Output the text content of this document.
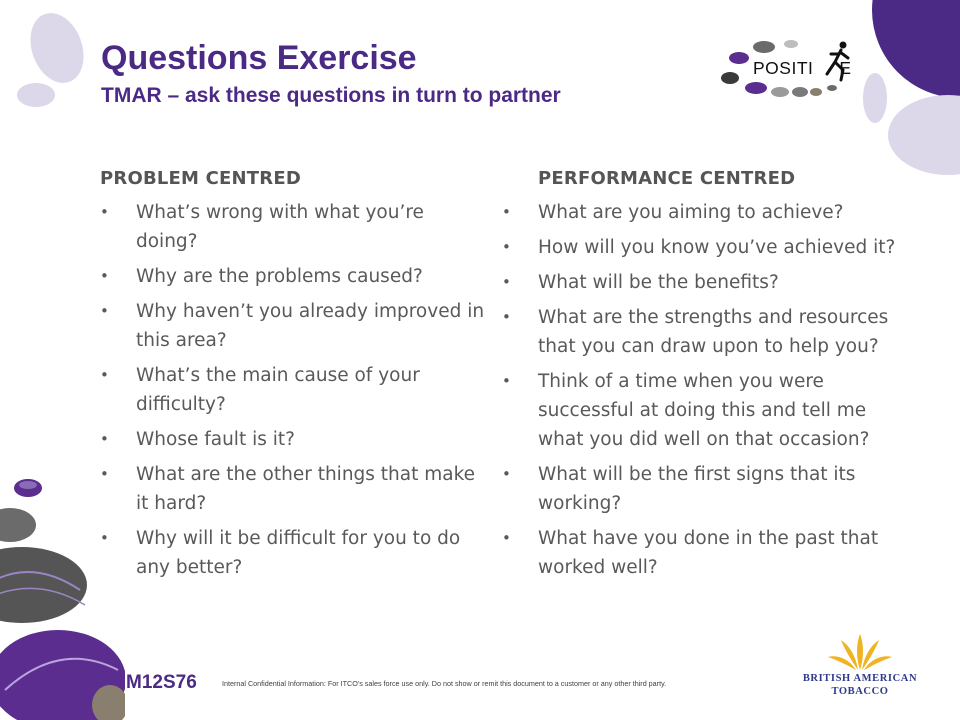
POSITI E
Questions Exercise
TMAR – ask these questions in turn to partner
PROBLEM CENTRED
• What’s wrong with what you’re doing?
• Why are the problems caused?
• Why haven’t you already improved in this area?
• What’s the main cause of your difficulty?
• Whose fault is it?
• What are the other things that make it hard?
• Why will it be difficult for you to do any better?
PERFORMANCE CENTRED
• What are you aiming to achieve?
• How will you know you’ve achieved it?
• What will be the benefits?
• What are the strengths and resources that you can draw upon to help you?
• Think of a time when you were successful at doing this and tell me what you did well on that occasion?
• What will be the first signs that its working?
• What have you done in the past that worked well?
M12S76	Internal Confidential Information: For ITCO's sales force use only. Do not show or remit this document to a customer or any other third party.	BRITISH AMERICAN
TOBACCO
